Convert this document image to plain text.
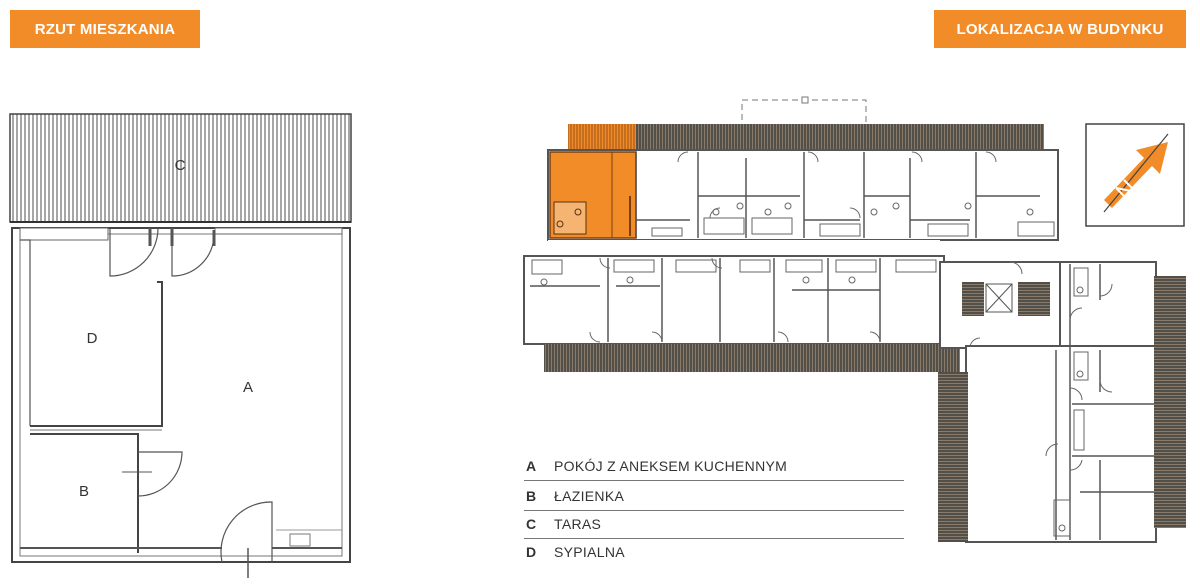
RZUT MIESZKANIA	LOKALIZACJA W BUDYNKU
C
D
A
B
A	POKÓJ Z ANEKSEM KUCHENNYM
B	ŁAZIENKA
C	TARAS
D	SYPIALNA
